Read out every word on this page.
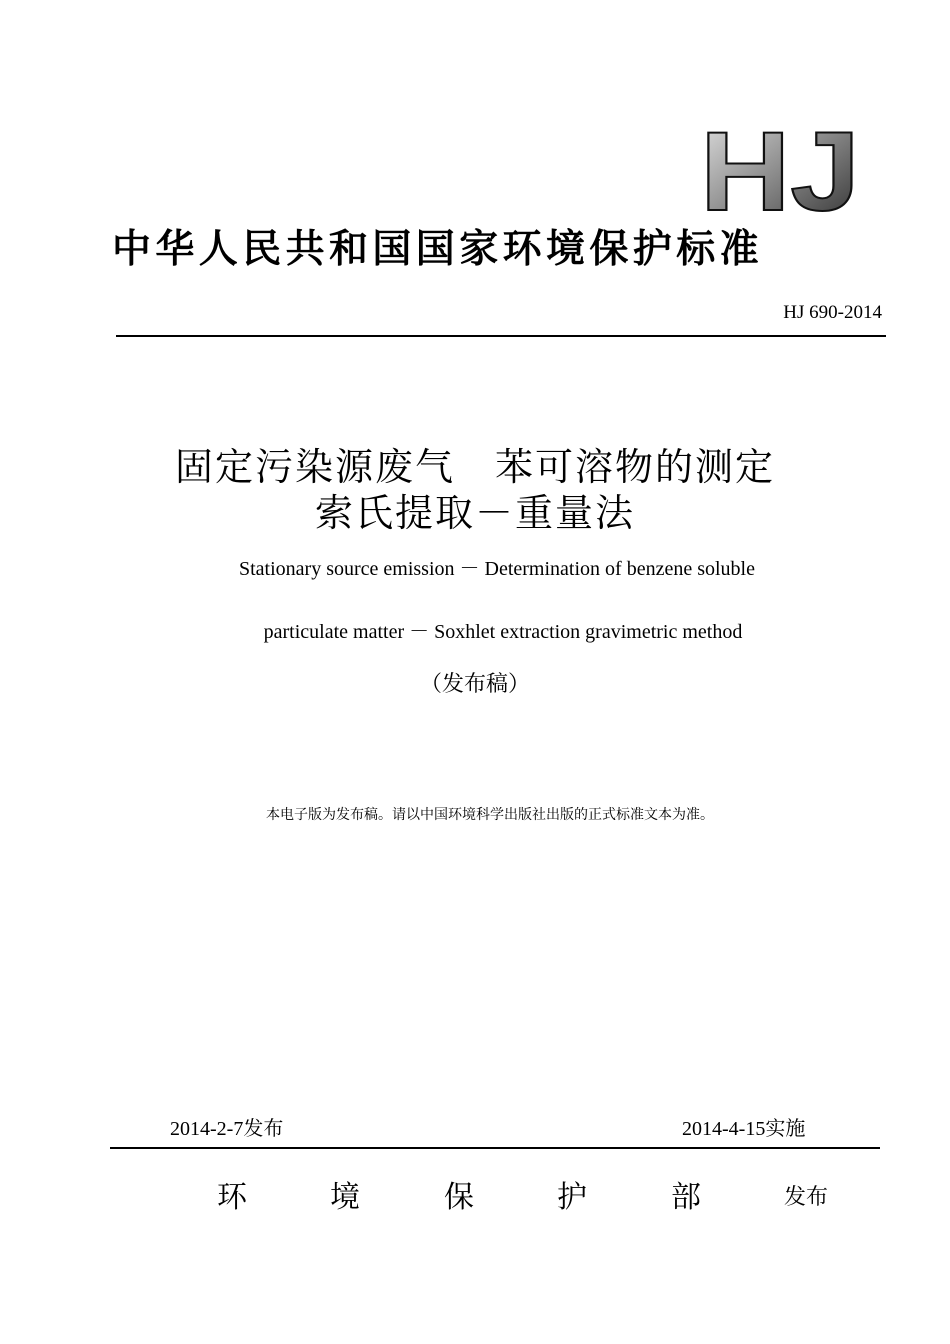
HJ
中华人民共和国国家环境保护标准
HJ 690-2014
固定污染源废气　苯可溶物的测定
索氏提取－重量法
Stationary source emission － Determination of benzene soluble
particulate matter － Soxhlet extraction gravimetric method
（发布稿）
本电子版为发布稿。请以中国环境科学出版社出版的正式标准文本为准。
2014-2-7发布	2014-4-15实施
环	境	保	护	部	发布
